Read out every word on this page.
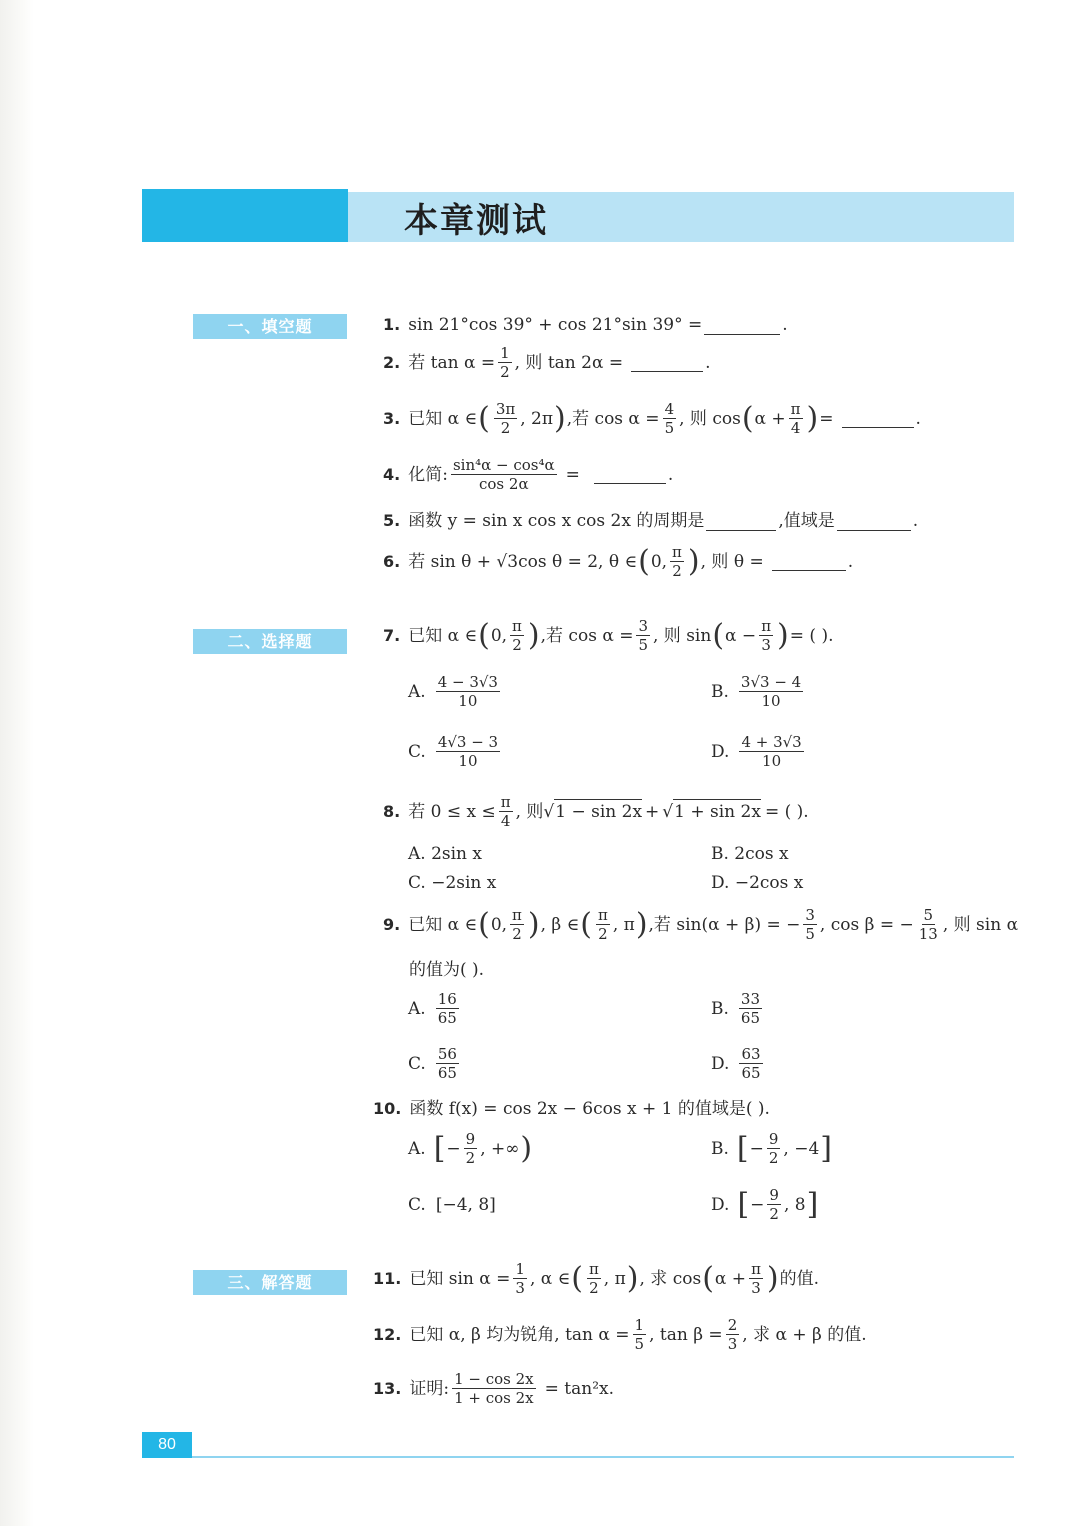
本章测试
一、填空题
二、选择题
三、解答题
1. sin 21°cos 39° + cos 21°sin 39° =	.
2. 若 $\tan \alpha = \frac{1}{2}$ , 则 tan 2α =	.
3. 已知 α ∈ ( $\frac{3\pi}{2}$ , 2π ) ,若 $\cos \alpha = \frac{4}{5}$ , 则 cos ( $\alpha + \frac{\pi}{4}$ ) =	.
4. 化简: $\frac{\text{sin⁴α − cos⁴α}}{\cos 2\alpha}$ =	.
5. 函数 y = sin x cos x cos 2x 的周期是	,值域是	.
6. 若 sin θ + √3cos θ = 2, θ ∈ ( 0, $\frac{\pi}{2}$ ) , 则 θ =	.
7. 已知 α ∈ ( 0, $\frac{\pi}{2}$ ) ,若 $\cos \alpha = \frac{3}{5}$ , 则 sin ( $\alpha - \frac{\pi}{3}$ ) = ( ).
A. $\frac{4 - 3√3}{10}$	B. $\frac{3√3 - 4}{10}$
C. $\frac{4√3 - 3}{10}$	D. $\frac{4 + 3√3}{10}$
8. 若 $0 \le x \le \frac{\pi}{4}$ , 则 √ 1 − sin 2x + √ 1 + sin 2x = ( ).
A. 2sin x	B. 2cos x
C. −2sin x	D. −2cos x
9. 已知 α ∈ ( 0, $\frac{\pi}{2}$ ) , β ∈ ( $\frac{\pi}{2}$ , π ) ,若 sin(α + β) = − $\frac{3}{5}$ , cos β = − $\frac{5}{13}$ , 则 sin α
的值为( ).
A. $\frac{16}{65}$	B. $\frac{33}{65}$
C. $\frac{56}{65}$	D. $\frac{63}{65}$
10. 函数 f(x) = cos 2x − 6cos x + 1 的值域是( ).
A. [ − $\frac{9}{2}$ , +∞ )	B. [ − $\frac{9}{2}$ , −4 ]
C. [−4, 8]	D. [ − $\frac{9}{2}$ , 8 ]
11. 已知 $\sin \alpha = \frac{1}{3}$ , α ∈ ( $\frac{\pi}{2}$ , π ) , 求 cos ( $\alpha + \frac{\pi}{3}$ ) 的值.
12. 已知 α, β 均为锐角, $\tan \alpha = \frac{1}{5}$ , $\tan \beta = \frac{2}{3}$ , 求 α + β 的值.
13. 证明: $\frac{1 - \cos 2x}{1 + \cos 2x} = \tan^2x$.
80
